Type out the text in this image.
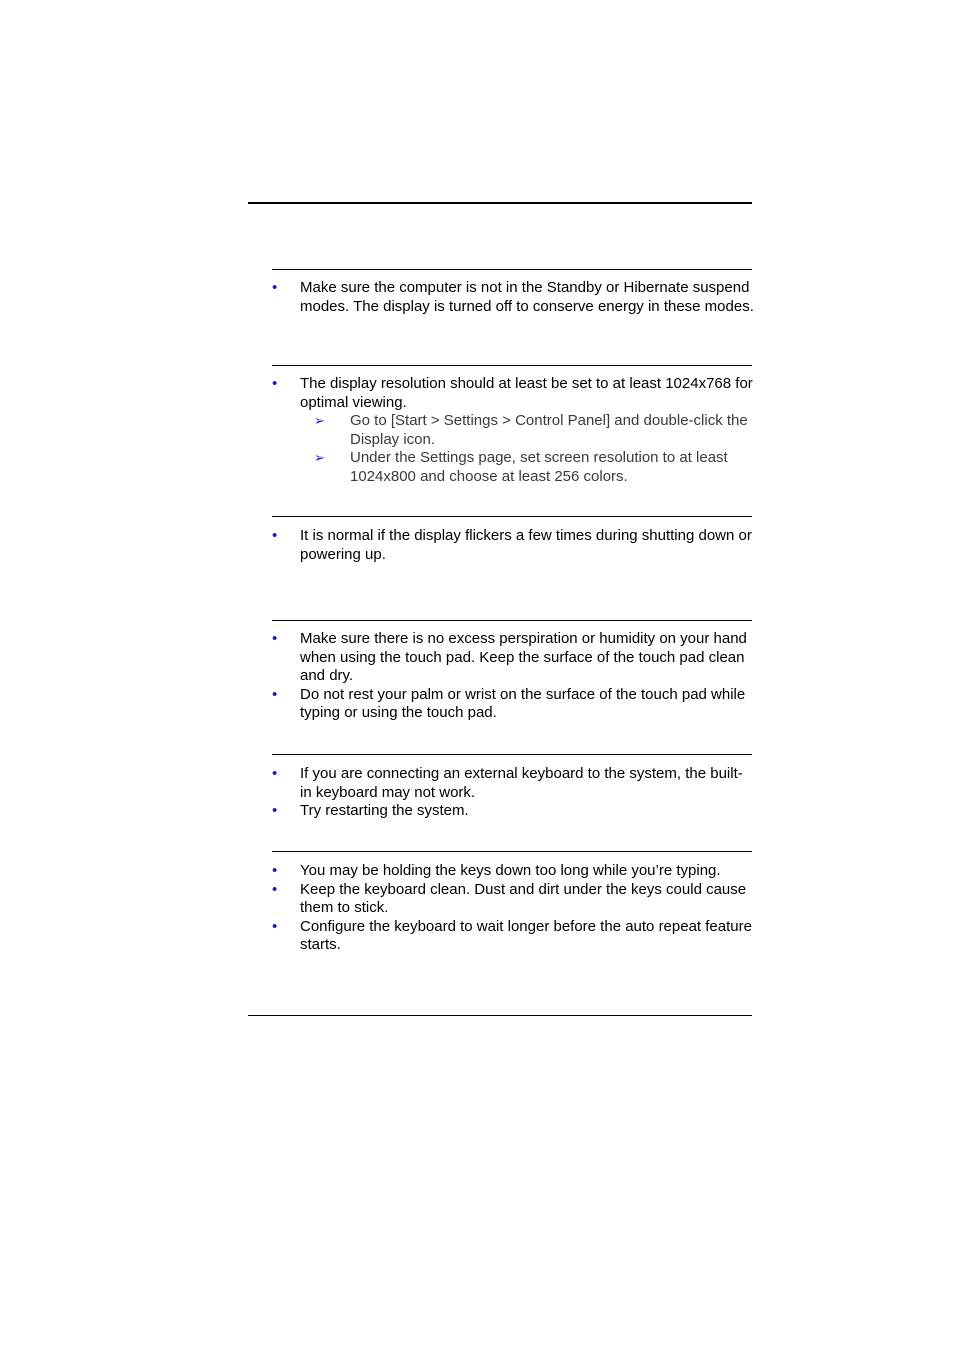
•
Make sure the computer is not in the Standby or Hibernate suspend modes. The display is turned off to conserve energy in these modes.
•
The display resolution should at least be set to at least 1024x768 for optimal viewing.
➢
Go to [Start > Settings > Control Panel] and double-click the Display icon.
➢
Under the Settings page, set screen resolution to at least 1024x800 and choose at least 256 colors.
•
It is normal if the display flickers a few times during shutting down or powering up.
•
Make sure there is no excess perspiration or humidity on your hand when using the touch pad. Keep the surface of the touch pad clean and dry.
•
Do not rest your palm or wrist on the surface of the touch pad while typing or using the touch pad.
•
If you are connecting an external keyboard to the system, the built-in keyboard may not work.
•
Try restarting the system.
•
You may be holding the keys down too long while you’re typing.
•
Keep the keyboard clean. Dust and dirt under the keys could cause them to stick.
•
Configure the keyboard to wait longer before the auto repeat feature starts.
